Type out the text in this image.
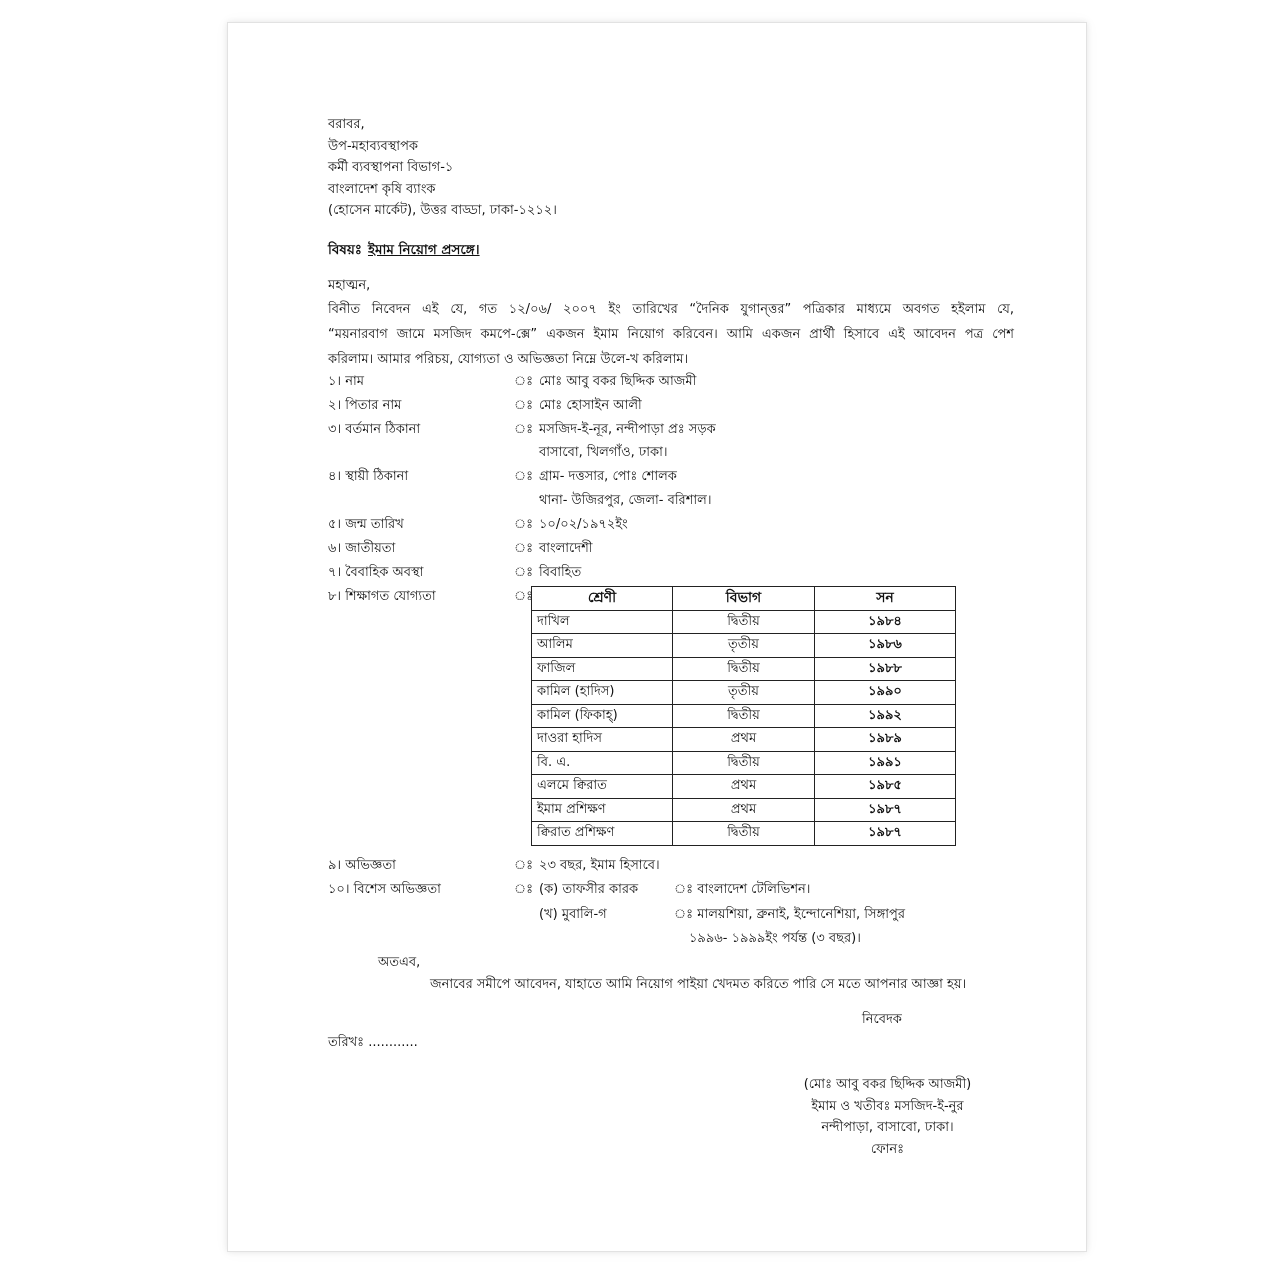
বরাবর,
উপ-মহাব্যবস্থাপক
কর্মী ব্যবস্থাপনা বিভাগ-১
বাংলাদেশ কৃষি ব্যাংক
(হোসেন মার্কেট), উত্তর বাড্ডা, ঢাকা-১২১২।
বিষয়ঃ ইমাম নিয়োগ প্রসঙ্গে।
মহাত্মন,
বিনীত নিবেদন এই যে, গত ১২/০৬/ ২০০৭ ইং তারিখের “দৈনিক যুগান্ত্তর” পত্রিকার মাধ্যমে অবগত হইলাম যে,
“ময়নারবাগ জামে মসজিদ কমপে-ক্সে” একজন ইমাম নিয়োগ করিবেন। আমি একজন প্রার্থী হিসাবে এই আবেদন পত্র পেশ
করিলাম। আমার পরিচয়, যোগ্যতা ও অভিজ্ঞতা নিম্নে উলে-খ করিলাম।
১। নাম	ঃ মোঃ আবু বকর ছিদ্দিক আজমী
২। পিতার নাম	ঃ মোঃ হোসাইন আলী
৩। বর্তমান ঠিকানা	ঃ মসজিদ-ই-নূর, নন্দীপাড়া প্রঃ সড়ক
বাসাবো, খিলগাঁও, ঢাকা।
৪। স্থায়ী ঠিকানা	ঃ গ্রাম- দত্তসার, পোঃ শোলক
থানা- উজিরপুর, জেলা- বরিশাল।
৫। জন্ম তারিখ	ঃ ১০/০২/১৯৭২ইং
৬। জাতীয়তা	ঃ বাংলাদেশী
৭। বৈবাহিক অবস্থা	ঃ বিবাহিত
৮। শিক্ষাগত যোগ্যতা	ঃ	শ্রেণী	বিভাগ	সন
দাখিল	দ্বিতীয়	১৯৮৪
আলিম	তৃতীয়	১৯৮৬
ফাজিল	দ্বিতীয়	১৯৮৮
কামিল (হাদিস)	তৃতীয়	১৯৯০
কামিল (ফিকাহ্)	দ্বিতীয়	১৯৯২
দাওরা হাদিস	প্রথম	১৯৮৯
বি. এ.	দ্বিতীয়	১৯৯১
এলমে ক্বিরাত	প্রথম	১৯৮৫
ইমাম প্রশিক্ষণ	প্রথম	১৯৮৭
ক্বিরাত প্রশিক্ষণ	দ্বিতীয়	১৯৮৭
৯। অভিজ্ঞতা	ঃ ২৩ বছর, ইমাম হিসাবে।
১০। বিশেস অভিজ্ঞতা	ঃ (ক) তাফসীর কারক	ঃ বাংলাদেশ টেলিভিশন।
(খ) মুবালি-গ	ঃ মালয়শিয়া, ব্রুনাই, ইন্দোনেশিয়া, সিঙ্গাপুর
১৯৯৬- ১৯৯৯ইং পর্যন্ত (৩ বছর)।
অতএব,
জনাবের সমীপে আবেদন, যাহাতে আমি নিয়োগ পাইয়া খেদমত করিতে পারি সে মতে আপনার আজ্ঞা হয়।
নিবেদক
তরিখঃ ............
(মোঃ আবু বকর ছিদ্দিক আজমী)
ইমাম ও খতীবঃ মসজিদ-ই-নুর
নন্দীপাড়া, বাসাবো, ঢাকা।
ফোনঃ
